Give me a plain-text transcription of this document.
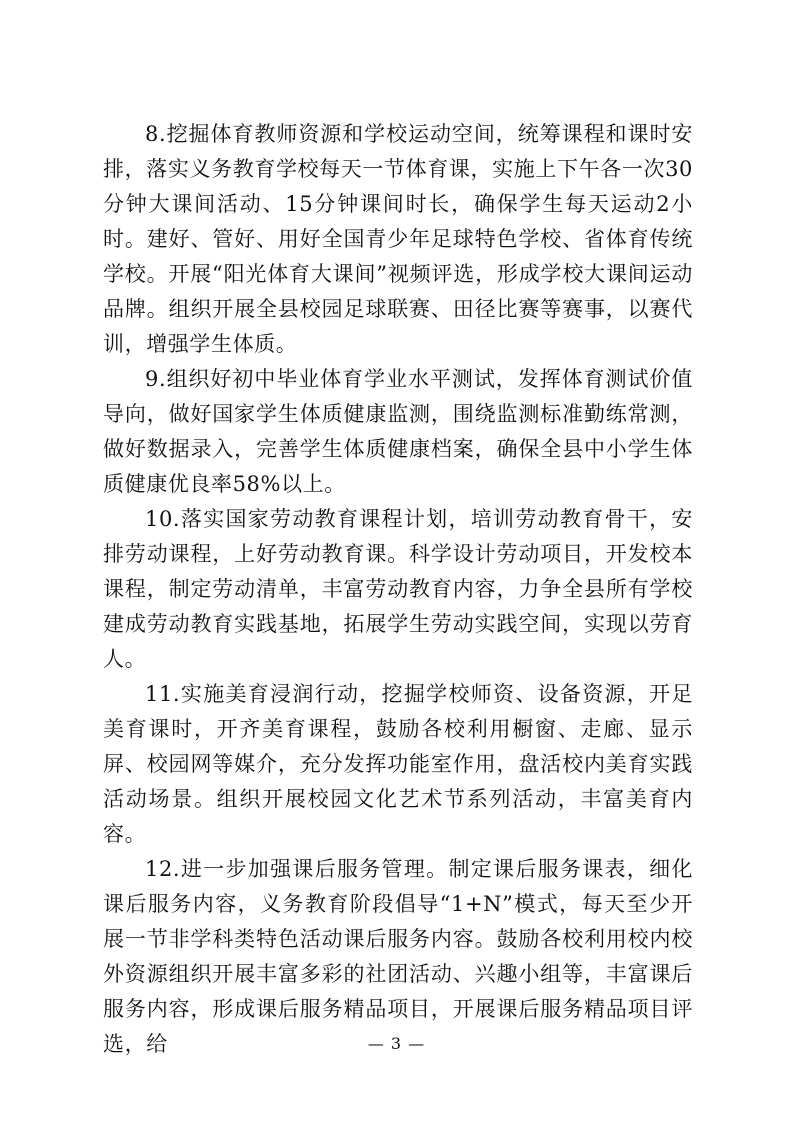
8.挖掘体育教师资源和学校运动空间，统筹课程和课时安排，落实义务教育学校每天一节体育课，实施上下午各一次30分钟大课间活动、15分钟课间时长，确保学生每天运动2小时。建好、管好、用好全国青少年足球特色学校、省体育传统学校。开展“阳光体育大课间”视频评选，形成学校大课间运动品牌。组织开展全县校园足球联赛、田径比赛等赛事，以赛代训，增强学生体质。

9.组织好初中毕业体育学业水平测试，发挥体育测试价值导向，做好国家学生体质健康监测，围绕监测标准勤练常测，做好数据录入，完善学生体质健康档案，确保全县中小学生体质健康优良率58%以上。

10.落实国家劳动教育课程计划，培训劳动教育骨干，安排劳动课程，上好劳动教育课。科学设计劳动项目，开发校本课程，制定劳动清单，丰富劳动教育内容，力争全县所有学校建成劳动教育实践基地，拓展学生劳动实践空间，实现以劳育人。

11.实施美育浸润行动，挖掘学校师资、设备资源，开足美育课时，开齐美育课程，鼓励各校利用橱窗、走廊、显示屏、校园网等媒介，充分发挥功能室作用，盘活校内美育实践活动场景。组织开展校园文化艺术节系列活动，丰富美育内容。

12.进一步加强课后服务管理。制定课后服务课表，细化课后服务内容，义务教育阶段倡导“1+N”模式，每天至少开展一节非学科类特色活动课后服务内容。鼓励各校利用校内校外资源组织开展丰富多彩的社团活动、兴趣小组等，丰富课后服务内容，形成课后服务精品项目，开展课后服务精品项目评选，给	— 3 —
